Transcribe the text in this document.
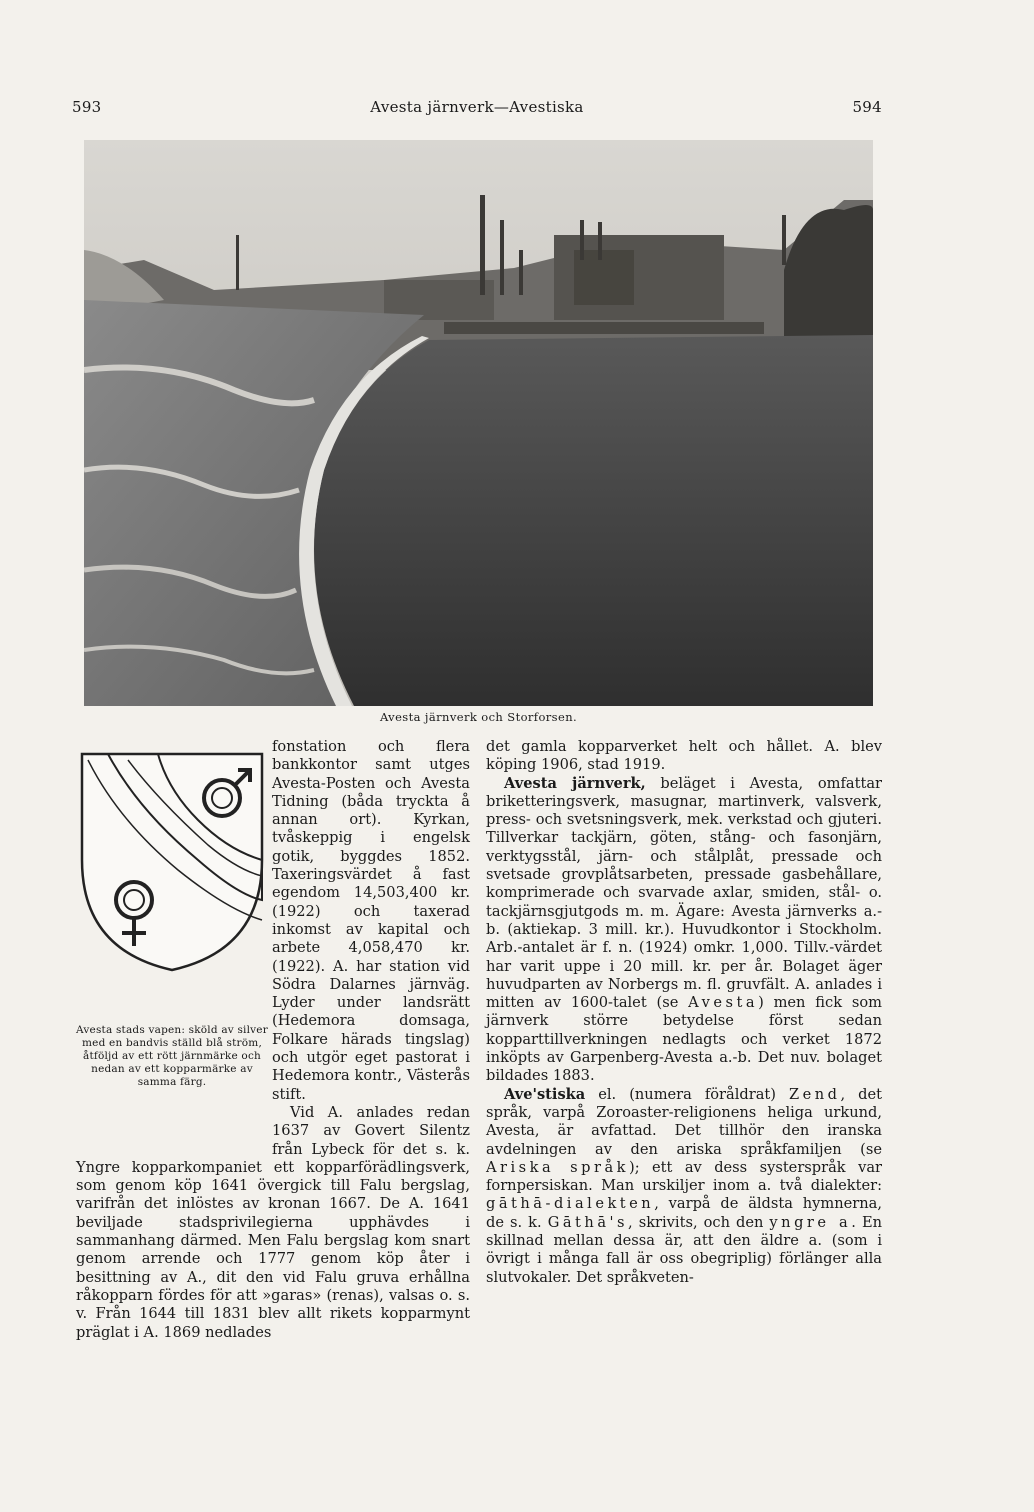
593	Avesta järnverk—Avestiska	594
Avesta järnverk och Storforsen.

Avesta stads vapen: sköld av silver med en bandvis ställd blå ström, åtföljd av ett rött järnmärke och nedan av ett kopparmärke av samma färg.
fonstation och flera bankkontor samt utges Avesta-Posten och Avesta Tidning (båda tryckta å annan ort). Kyrkan, tvåskeppig i engelsk gotik, byggdes 1852. Taxeringsvärdet å fast egendom 14,503,400 kr. (1922) och taxerad inkomst av kapital och arbete 4,058,470 kr. (1922). A. har station vid Södra Dalarnes järnväg. Lyder under landsrätt (Hedemora domsaga, Folkare härads tingslag) och utgör eget pastorat i Hedemora kontr., Västerås stift.

Vid A. anlades redan 1637 av Govert Silentz från Lybeck för det s. k. Yngre kopparkompaniet ett kopparförädlingsverk, som genom köp 1641 övergick till Falu bergslag, varifrån det inlöstes av kronan 1667. De A. 1641 beviljade stadsprivilegierna upphävdes i sammanhang därmed. Men Falu bergslag kom snart genom arrende och 1777 genom köp åter i besittning av A., dit den vid Falu gruva erhållna råkopparn fördes för att »garas» (renas), valsas o. s. v. Från 1644 till 1831 blev allt rikets kopparmynt präglat i A. 1869 nedlades

det gamla kopparverket helt och hållet. A. blev köping 1906, stad 1919.

Avesta järnverk, beläget i Avesta, omfattar briketteringsverk, masugnar, martinverk, valsverk, press- och svetsningsverk, mek. verkstad och gjuteri. Tillverkar tackjärn, göten, stång- och fasonjärn, verktygsstål, järn- och stålplåt, pressade och svetsade grovplåtsarbeten, pressade gasbehållare, komprimerade och svarvade axlar, smiden, stål- o. tackjärnsgjutgods m. m. Ägare: Avesta järnverks a.-b. (aktiekap. 3 mill. kr.). Huvudkontor i Stockholm. Arb.-antalet är f. n. (1924) omkr. 1,000. Tillv.-värdet har varit uppe i 20 mill. kr. per år. Bolaget äger huvudparten av Norbergs m. fl. gruvfält. A. anlades i mitten av 1600-talet (se Avesta) men fick som järnverk större betydelse först sedan kopparttillverkningen nedlagts och verket 1872 inköpts av Garpenberg-Avesta a.-b. Det nuv. bolaget bildades 1883.

Ave'stiska el. (numera föråldrat) Zend, det språk, varpå Zoroaster-religionens heliga urkund, Avesta, är avfattad. Det tillhör den iranska avdelningen av den ariska språkfamiljen (se Ariska språk); ett av dess systerspråk var fornpersiskan. Man urskiljer inom a. två dialekter: gāthā-dialekten, varpå de äldsta hymnerna, de s. k. Gāthā's, skrivits, och den yngre a. En skillnad mellan dessa är, att den äldre a. (som i övrigt i många fall är oss obegriplig) förlänger alla slutvokaler. Det språkveten-
